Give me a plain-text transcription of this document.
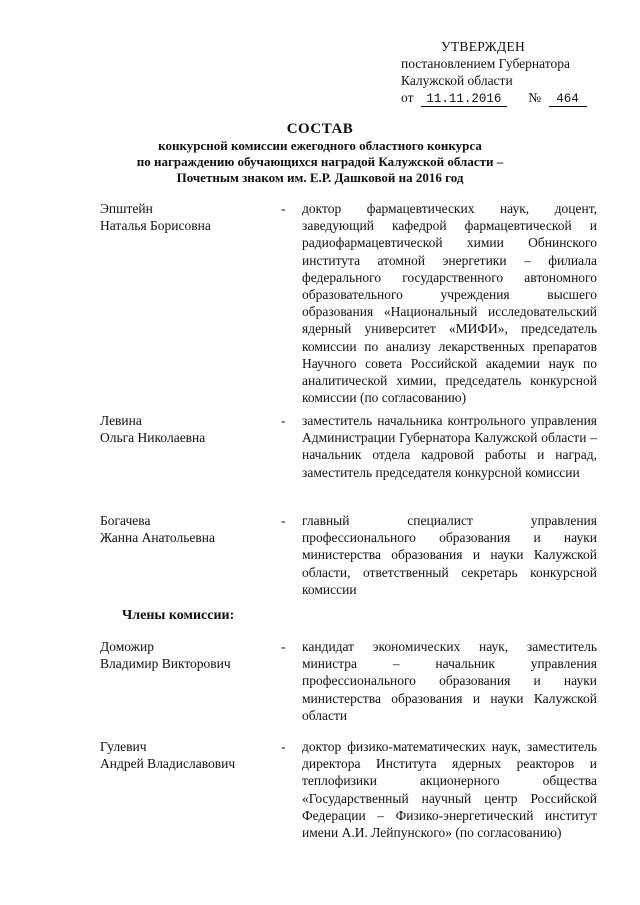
УТВЕРЖДЕН
постановлением Губернатора
Калужской области
от 11.11.2016 № 464
СОСТАВ
конкурсной комиссии ежегодного областного конкурса
по награждению обучающихся наградой Калужской области –
Почетным знаком им. Е.Р. Дашковой на 2016 год
Эпштейн
Наталья Борисовна
- доктор фармацевтических наук, доцент, заведующий кафедрой фармацевтической и радиофармацевтической химии Обнинского института атомной энергетики – филиала федерального государственного автономного образовательного учреждения высшего образования «Национальный исследовательский ядерный университет «МИФИ», председатель комиссии по анализу лекарственных препаратов Научного совета Российской академии наук по аналитической химии, председатель конкурсной комиссии (по согласованию)
Левина
Ольга Николаевна
- заместитель начальника контрольного управления Администрации Губернатора Калужской области – начальник отдела кадровой работы и наград, заместитель председателя конкурсной комиссии
Богачева
Жанна Анатольевна
- главный специалист управления профессионального образования и науки министерства образования и науки Калужской области, ответственный секретарь конкурсной комиссии
Члены комиссии:
Доможир
Владимир Викторович
- кандидат экономических наук, заместитель министра – начальник управления профессионального образования и науки министерства образования и науки Калужской области
Гулевич
Андрей Владиславович
- доктор физико-математических наук, заместитель директора Института ядерных реакторов и теплофизики акционерного общества «Государственный научный центр Российской Федерации – Физико-энергетический институт имени А.И. Лейпунского» (по согласованию)
